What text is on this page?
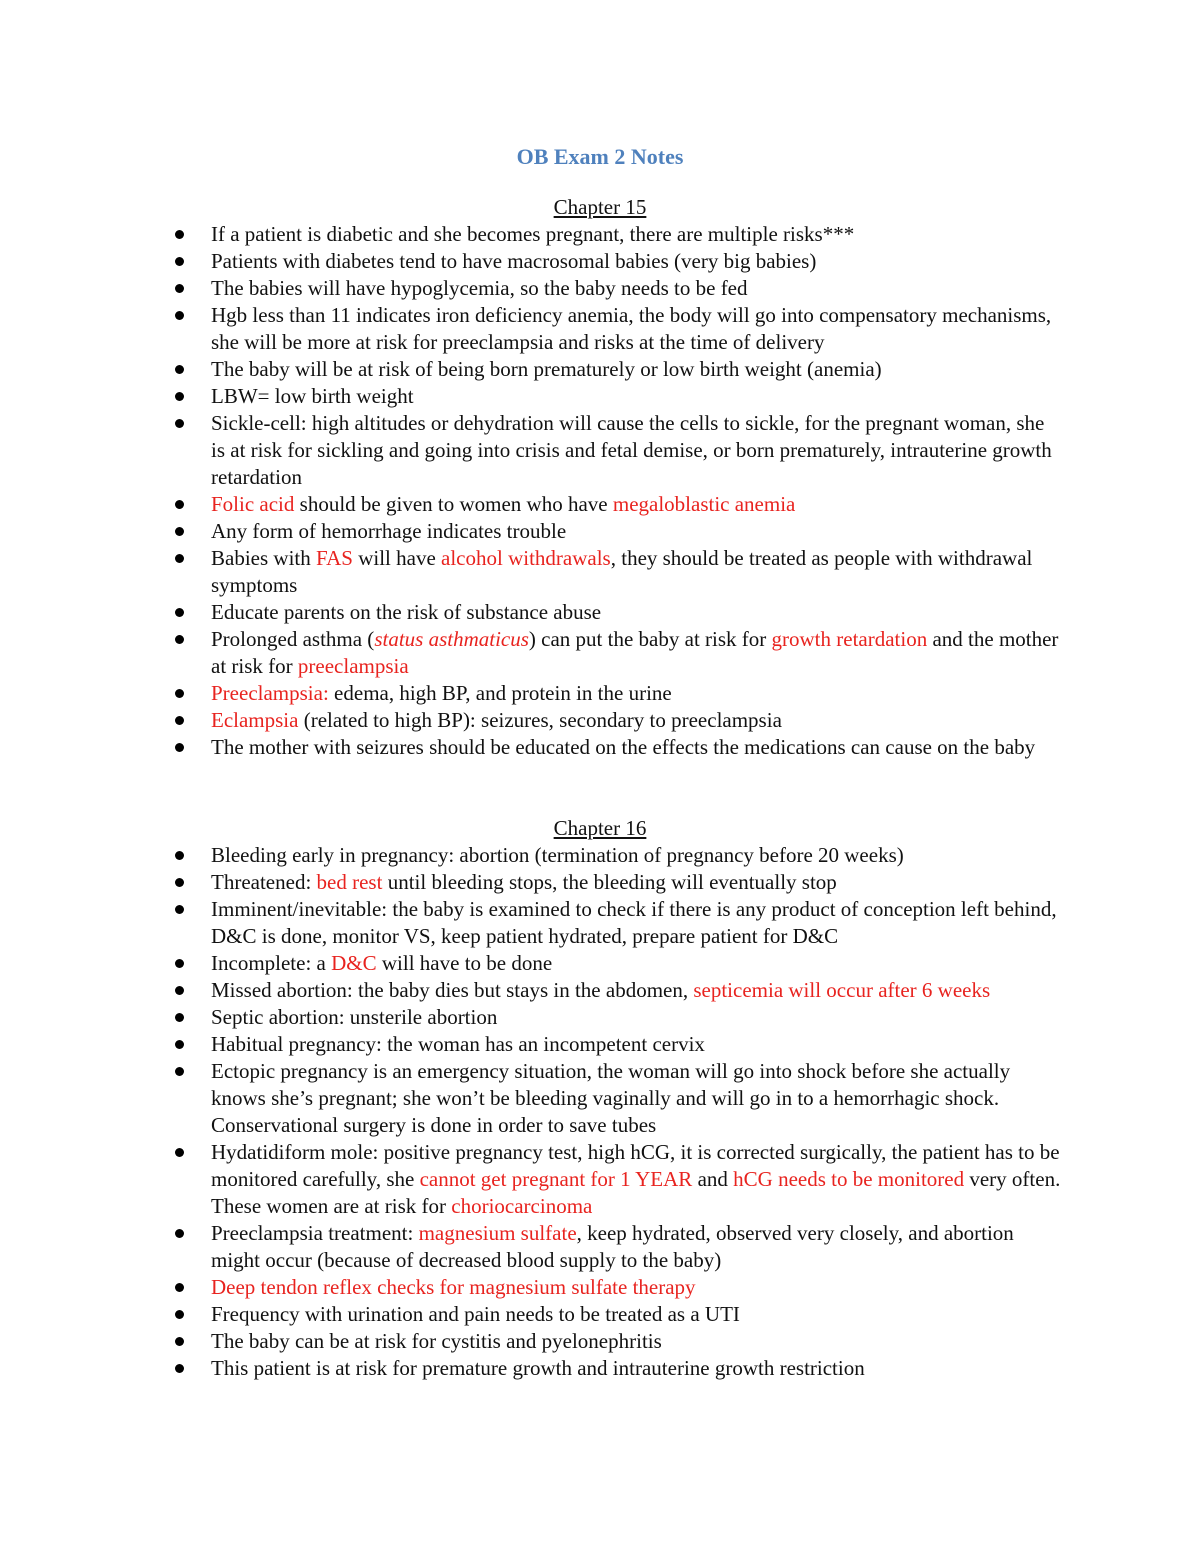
OB Exam 2 Notes
Chapter 15
If a patient is diabetic and she becomes pregnant, there are multiple risks***
Patients with diabetes tend to have macrosomal babies (very big babies)
The babies will have hypoglycemia, so the baby needs to be fed
Hgb less than 11 indicates iron deficiency anemia, the body will go into compensatory mechanisms, she will be more at risk for preeclampsia and risks at the time of delivery
The baby will be at risk of being born prematurely or low birth weight (anemia)
LBW= low birth weight
Sickle-cell: high altitudes or dehydration will cause the cells to sickle, for the pregnant woman, she is at risk for sickling and going into crisis and fetal demise, or born prematurely, intrauterine growth retardation
Folic acid should be given to women who have megaloblastic anemia
Any form of hemorrhage indicates trouble
Babies with FAS will have alcohol withdrawals, they should be treated as people with withdrawal symptoms
Educate parents on the risk of substance abuse
Prolonged asthma (status asthmaticus) can put the baby at risk for growth retardation and the mother at risk for preeclampsia
Preeclampsia: edema, high BP, and protein in the urine
Eclampsia (related to high BP): seizures, secondary to preeclampsia
The mother with seizures should be educated on the effects the medications can cause on the baby
Chapter 16
Bleeding early in pregnancy: abortion (termination of pregnancy before 20 weeks)
Threatened: bed rest until bleeding stops, the bleeding will eventually stop
Imminent/inevitable: the baby is examined to check if there is any product of conception left behind, D&C is done, monitor VS, keep patient hydrated, prepare patient for D&C
Incomplete: a D&C will have to be done
Missed abortion: the baby dies but stays in the abdomen, septicemia will occur after 6 weeks
Septic abortion: unsterile abortion
Habitual pregnancy: the woman has an incompetent cervix
Ectopic pregnancy is an emergency situation, the woman will go into shock before she actually knows she’s pregnant; she won’t be bleeding vaginally and will go in to a hemorrhagic shock. Conservational surgery is done in order to save tubes
Hydatidiform mole: positive pregnancy test, high hCG, it is corrected surgically, the patient has to be monitored carefully, she cannot get pregnant for 1 YEAR and hCG needs to be monitored very often. These women are at risk for choriocarcinoma
Preeclampsia treatment: magnesium sulfate, keep hydrated, observed very closely, and abortion might occur (because of decreased blood supply to the baby)
Deep tendon reflex checks for magnesium sulfate therapy
Frequency with urination and pain needs to be treated as a UTI
The baby can be at risk for cystitis and pyelonephritis
This patient is at risk for premature growth and intrauterine growth restriction
